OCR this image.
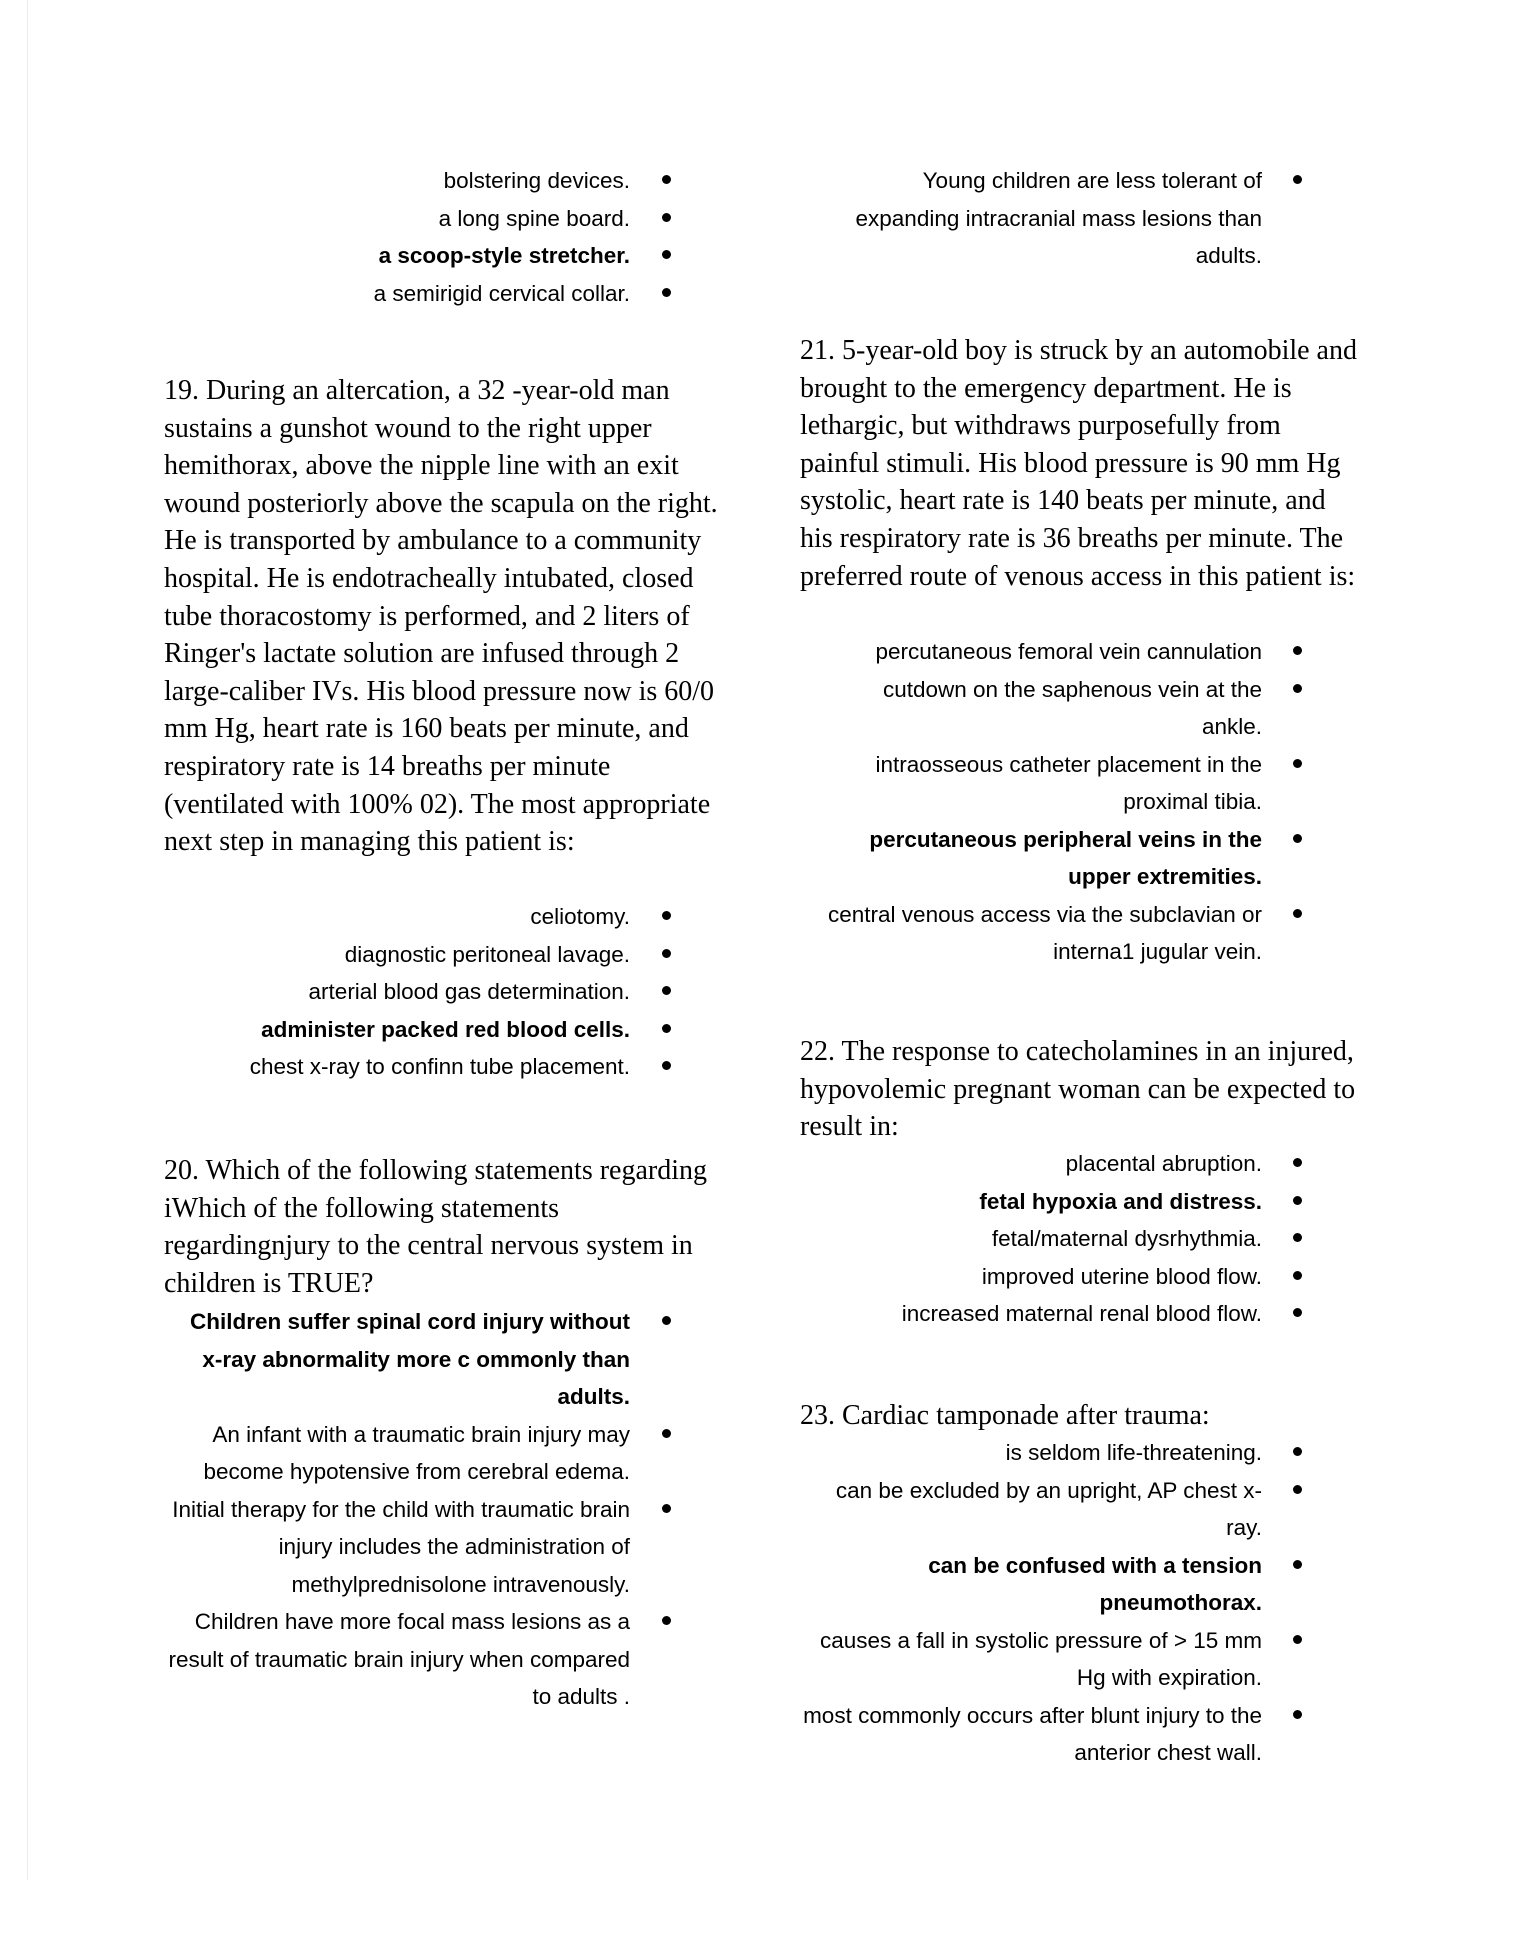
bolstering devices.

a long spine board.

a scoop-style stretcher.

a semirigid cervical collar.

19. During an altercation, a 32 -year-old man sustains a gunshot wound to the right upper hemithorax, above the nipple line with an exit wound posteriorly above the scapula on the right. He is transported by ambulance to a community hospital. He is endotracheally intubated, closed tube thoracostomy is performed, and 2 liters of Ringer's lactate solution are infused through 2 large-caliber IVs. His blood pressure now is 60/0 mm Hg, heart rate is 160 beats per minute, and respiratory rate is 14 breaths per minute (ventilated with 100% 02). The most appropriate next step in managing this patient is:

celiotomy.

diagnostic peritoneal lavage.

arterial blood gas determination.

administer packed red blood cells.

chest x-ray to confinn tube placement.

20. Which of the following statements regarding iWhich of the following statements regardingnjury to the central nervous system in children is TRUE?

Children suffer spinal cord injury without x-ray abnormality more c ommonly than adults.

An infant with a traumatic brain injury may become hypotensive from cerebral edema.

Initial therapy for the child with traumatic brain injury includes the administration of methylprednisolone intravenously.

Children have more focal mass lesions as a result of traumatic brain injury when compared to adults .

Young children are less tolerant of expanding intracranial mass lesions than adults.

21. 5-year-old boy is struck by an automobile and brought to the emergency department. He is lethargic, but withdraws purposefully from painful stimuli. His blood pressure is 90 mm Hg systolic, heart rate is 140 beats per minute, and his respiratory rate is 36 breaths per minute. The preferred route of venous access in this patient is:

percutaneous femoral vein cannulation

cutdown on the saphenous vein at the ankle.

intraosseous catheter placement in the proximal tibia.

percutaneous peripheral veins in the upper extremities.

central venous access via the subclavian or interna1 jugular vein.

22. The response to catecholamines in an injured, hypovolemic pregnant woman can be expected to result in:

placental abruption.

fetal hypoxia and distress.

fetal/maternal dysrhythmia.

improved uterine blood flow.

increased maternal renal blood flow.

23. Cardiac tamponade after trauma:

is seldom life-threatening.

can be excluded by an upright, AP chest x-ray.

can be confused with a tension pneumothorax.

causes a fall in systolic pressure of > 15 mm Hg with expiration.

most commonly occurs after blunt injury to the anterior chest wall.
